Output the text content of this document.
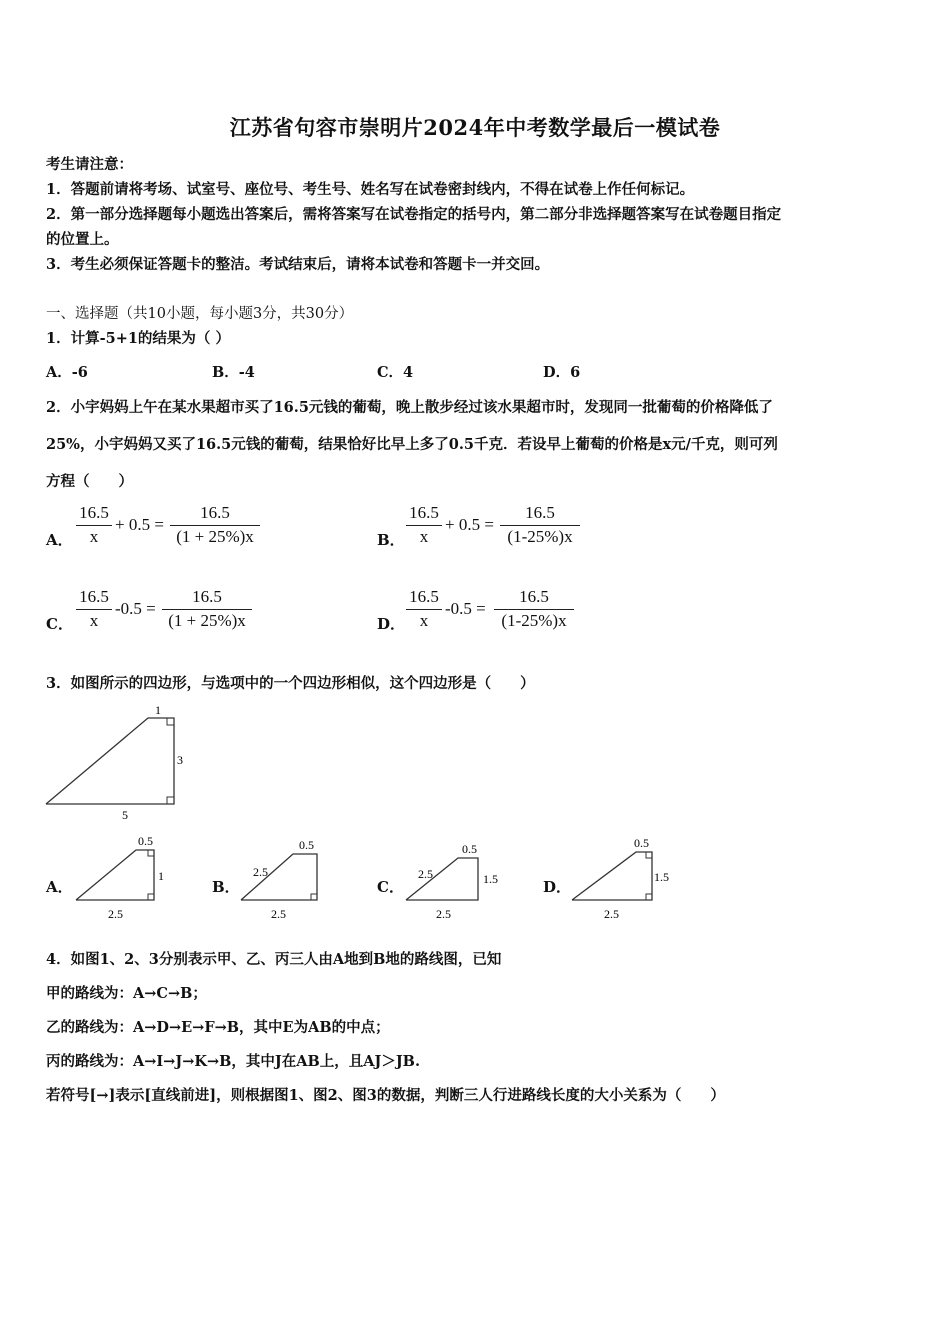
江苏省句容市崇明片2024年中考数学最后一模试卷
考生请注意：
1．答题前请将考场、试室号、座位号、考生号、姓名写在试卷密封线内，不得在试卷上作任何标记。
2．第一部分选择题每小题选出答案后，需将答案写在试卷指定的括号内，第二部分非选择题答案写在试卷题目指定
的位置上。
3．考生必须保证答题卡的整洁。考试结束后，请将本试卷和答题卡一并交回。
一、选择题（共10小题，每小题3分，共30分）
1．计算-5+1的结果为（ ）
A．-6	B．-4	C．4	D．6
2．小宇妈妈上午在某水果超市买了16.5元钱的葡萄，晚上散步经过该水果超市时，发现同一批葡萄的价格降低了
25%，小宇妈妈又买了16.5元钱的葡萄，结果恰好比早上多了0.5千克．若设早上葡萄的价格是x元/千克，则可列
方程（　　）
A．
16.5
x
+ 0.5 =
16.5
(1 + 25%)x	B．
16.5
x
+ 0.5 =
16.5
(1-25%)x
C．
16.5
x
-0.5 =
16.5
(1 + 25%)x	D．
16.5
x
-0.5 =
16.5
(1-25%)x
3．如图所示的四边形，与选项中的一个四边形相似，这个四边形是（　　）
1
3
5
A．
0.5
1
2.5
B．
0.5
2.5
2.5
C．
0.5
1.5
2.5
2.5
D．
0.5
1.5
2.5
4．如图1、2、3分别表示甲、乙、丙三人由A地到B地的路线图，已知
甲的路线为：A→C→B；
乙的路线为：A→D→E→F→B，其中E为AB的中点；
丙的路线为：A→I→J→K→B，其中J在AB上，且AJ＞JB.
若符号[→]表示[直线前进]，则根据图1、图2、图3的数据，判断三人行进路线长度的大小关系为（　　）
